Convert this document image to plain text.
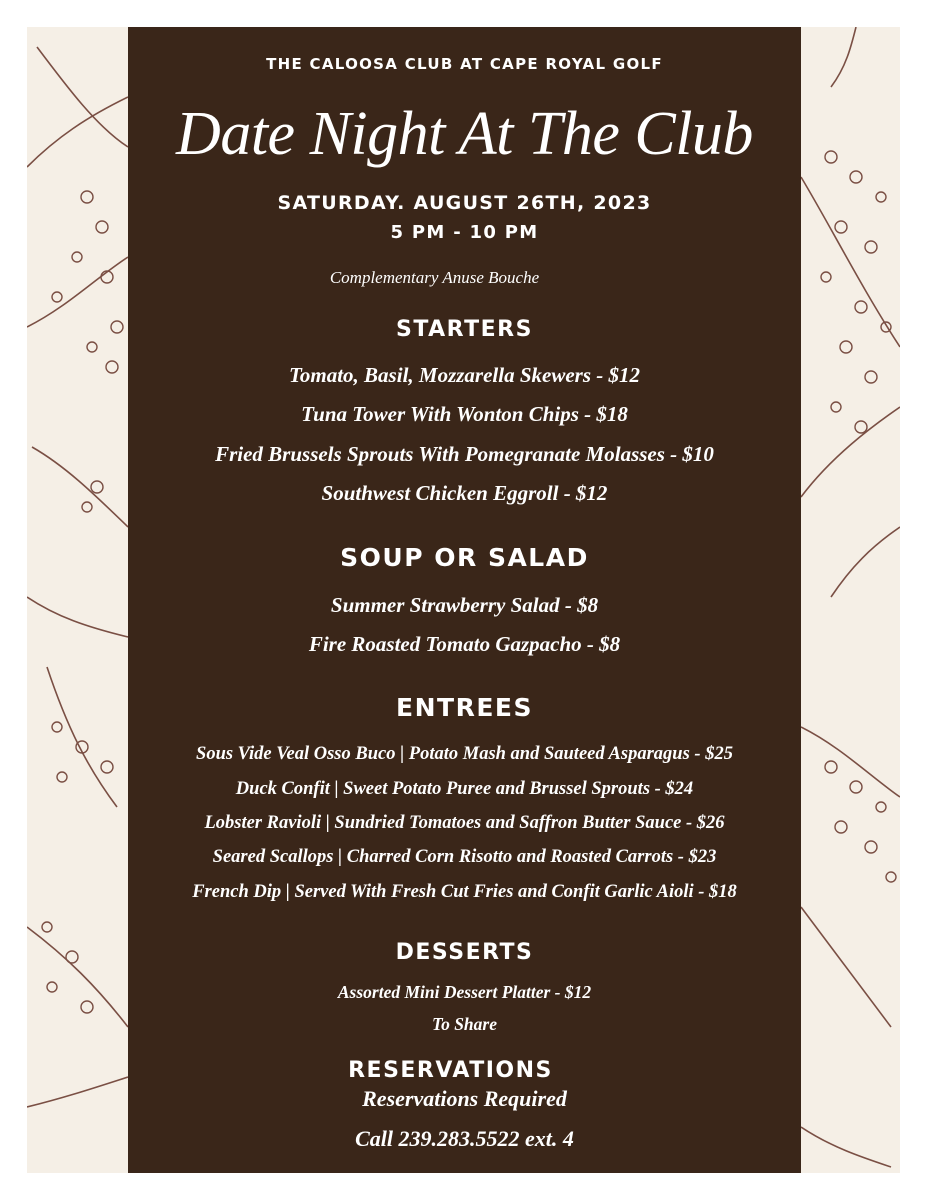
THE CALOOSA CLUB AT CAPE ROYAL GOLF
Date Night At The Club
SATURDAY. AUGUST 26TH, 2023
5 PM - 10 PM
Complementary Anuse Bouche
STARTERS
Tomato, Basil, Mozzarella Skewers - $12
Tuna Tower With Wonton Chips - $18
Fried Brussels Sprouts With Pomegranate Molasses - $10
Southwest Chicken Eggroll - $12
SOUP OR SALAD
Summer Strawberry Salad - $8
Fire Roasted Tomato Gazpacho - $8
ENTREES
Sous Vide Veal Osso Buco | Potato Mash and Sauteed Asparagus - $25
Duck Confit | Sweet Potato Puree and Brussel Sprouts - $24
Lobster Ravioli | Sundried Tomatoes and Saffron Butter Sauce - $26
Seared Scallops | Charred Corn Risotto and Roasted Carrots - $23
French Dip | Served With Fresh Cut Fries and Confit Garlic Aioli - $18
DESSERTS
Assorted Mini Dessert Platter - $12
To Share
RESERVATIONS
Reservations Required
Call 239.283.5522 ext. 4
